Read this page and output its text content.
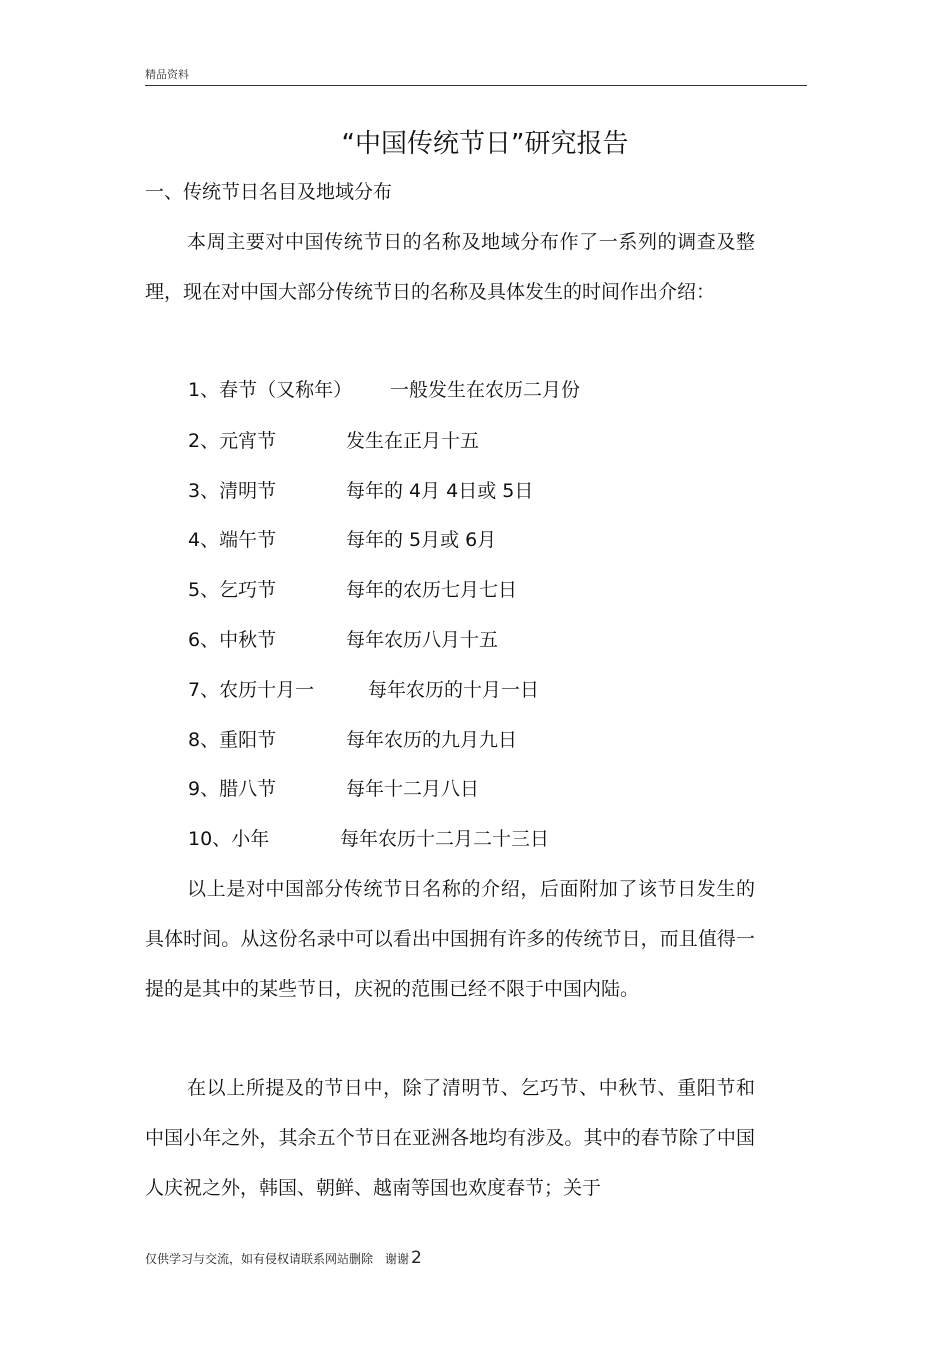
精品资料
“中国传统节日”研究报告
一、传统节日名目及地域分布

本周主要对中国传统节日的名称及地域分布作了一系列的调查及整理，现在对中国大部分传统节日的名称及具体发生的时间作出介绍：

1、春节（又称年） 一般发生在农历二月份
2、元宵节	发生在正月十五
3、清明节	每年的 4月 4日或 5日
4、端午节	每年的 5月或 6月
5、乞巧节	每年的农历七月七日
6、中秋节	每年农历八月十五
7、农历十月一	每年农历的十月一日
8、重阳节	每年农历的九月九日
9、腊八节	每年十二月八日
10、小年	每年农历十二月二十三日

以上是对中国部分传统节日名称的介绍，后面附加了该节日发生的具体时间。从这份名录中可以看出中国拥有许多的传统节日，而且值得一提的是其中的某些节日，庆祝的范围已经不限于中国内陆。

在以上所提及的节日中，除了清明节、乞巧节、中秋节、重阳节和中国小年之外，其余五个节日在亚洲各地均有涉及。其中的春节除了中国人庆祝之外，韩国、朝鲜、越南等国也欢度春节；关于

仅供学习与交流，如有侵权请联系网站删除　谢谢 2
